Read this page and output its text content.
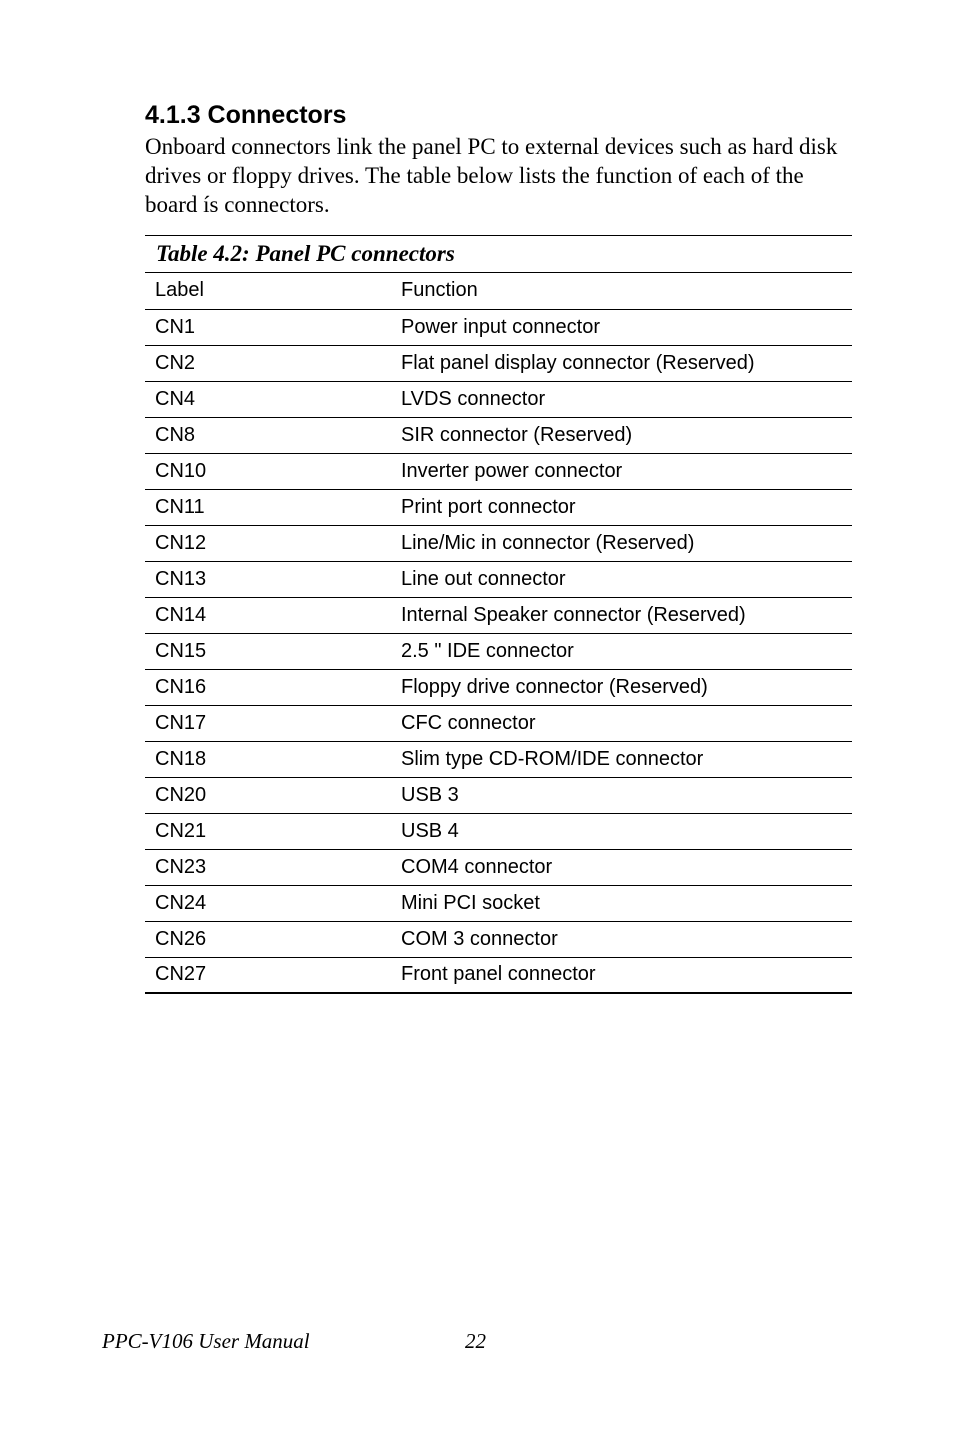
4.1.3 Connectors

Onboard connectors link the panel PC to external devices such as hard disk drives or floppy drives. The table below lists the function of each of the board ís connectors.

Table 4.2: Panel PC connectors
Label	Function
CN1	Power input connector
CN2	Flat panel display connector (Reserved)
CN4	LVDS connector
CN8	SIR connector (Reserved)
CN10	Inverter power connector
CN11	Print port connector
CN12	Line/Mic in connector (Reserved)
CN13	Line out connector
CN14	Internal Speaker connector (Reserved)
CN15	2.5 " IDE connector
CN16	Floppy drive connector (Reserved)
CN17	CFC connector
CN18	Slim type CD-ROM/IDE connector
CN20	USB 3
CN21	USB 4
CN23	COM4 connector
CN24	Mini PCI socket
CN26	COM 3 connector
CN27	Front panel connector
PPC-V106 User Manual	22
